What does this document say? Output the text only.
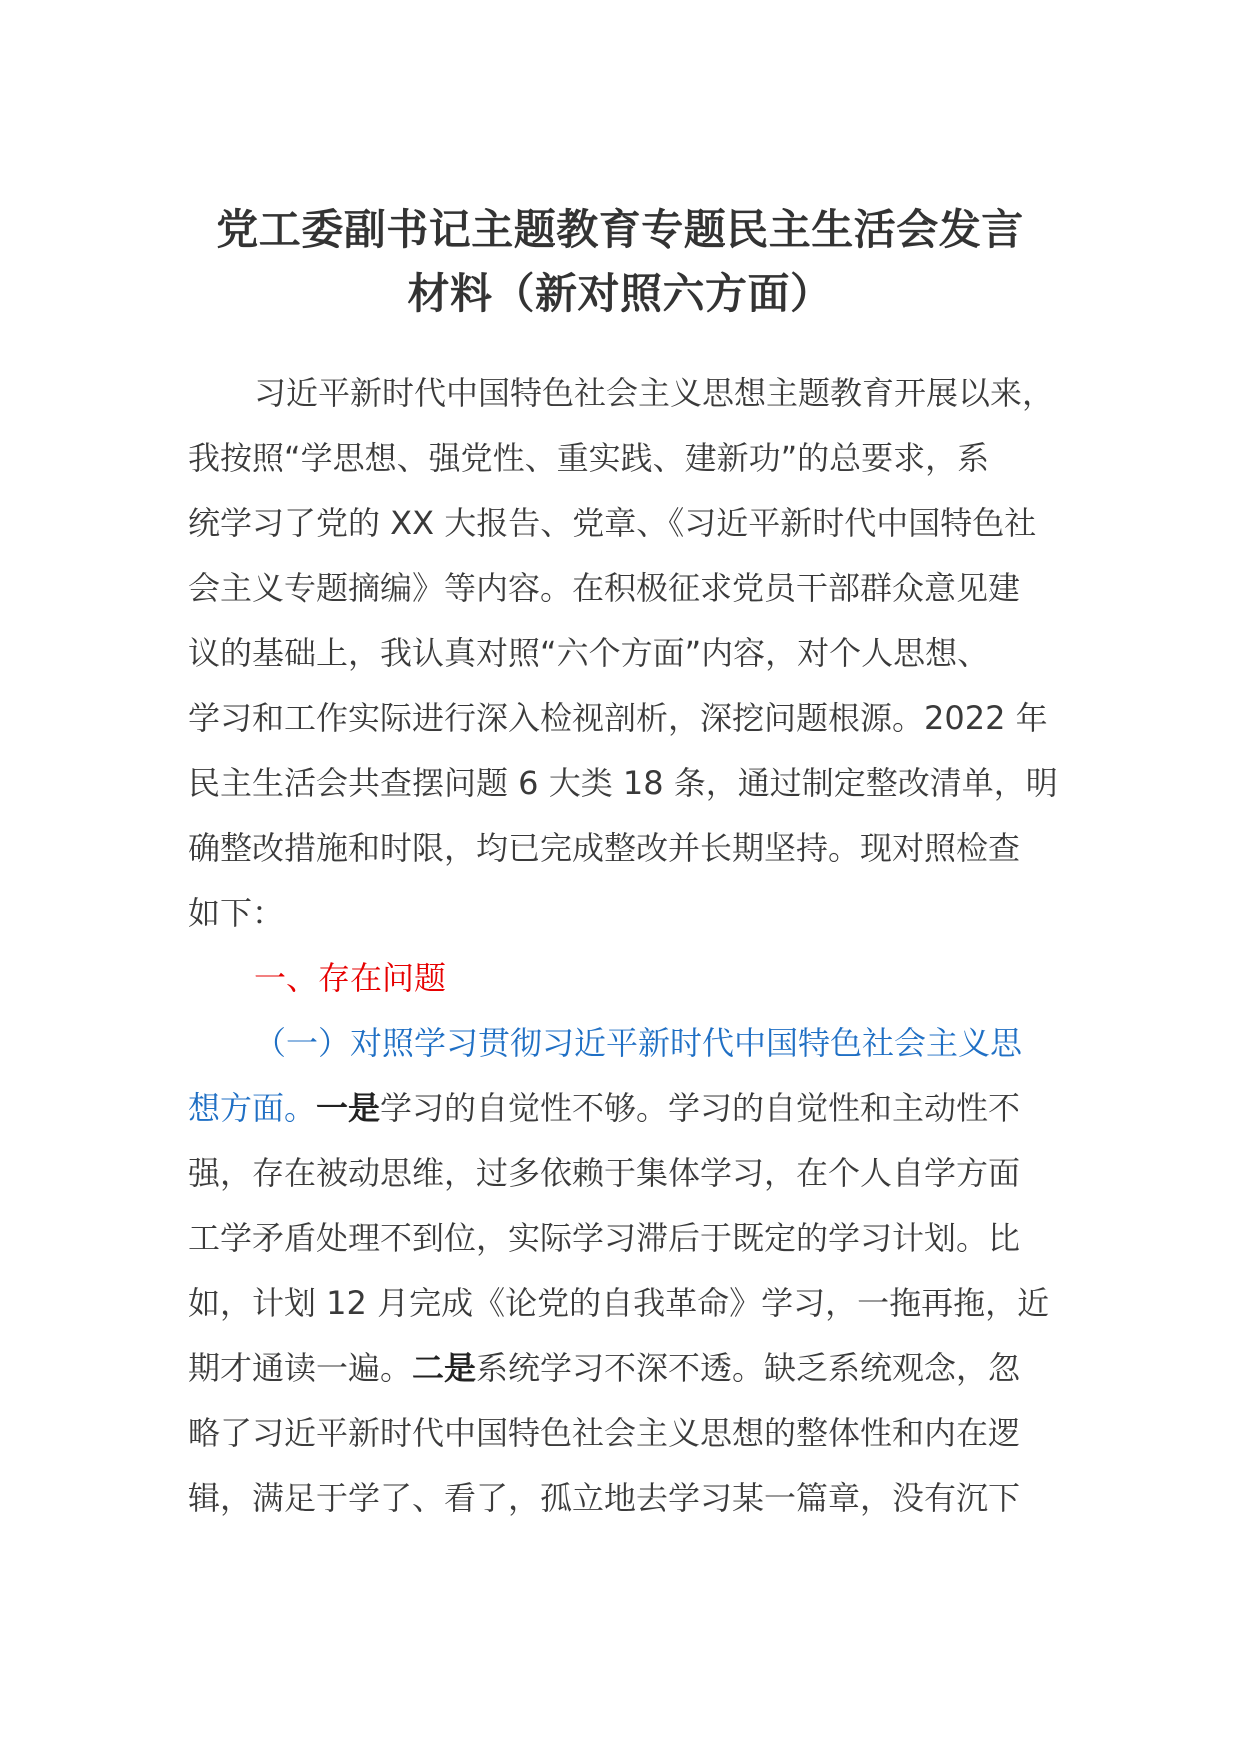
党工委副书记主题教育专题民主生活会发言
材料（新对照六方面）
习近平新时代中国特色社会主义思想主题教育开展以来，
我按照“学思想、强党性、重实践、建新功”的总要求，系
统学习了党的 XX 大报告、党章、《习近平新时代中国特色社
会主义专题摘编》等内容。在积极征求党员干部群众意见建
议的基础上，我认真对照“六个方面”内容，对个人思想、
学习和工作实际进行深入检视剖析，深挖问题根源。2022 年
民主生活会共查摆问题 6 大类 18 条，通过制定整改清单，明
确整改措施和时限，均已完成整改并长期坚持。现对照检查
如下：
一、存在问题
（一）对照学习贯彻习近平新时代中国特色社会主义思
想方面。一是学习的自觉性不够。学习的自觉性和主动性不
强，存在被动思维，过多依赖于集体学习，在个人自学方面
工学矛盾处理不到位，实际学习滞后于既定的学习计划。比
如，计划 12 月完成《论党的自我革命》学习，一拖再拖，近
期才通读一遍。二是系统学习不深不透。缺乏系统观念，忽
略了习近平新时代中国特色社会主义思想的整体性和内在逻
辑，满足于学了、看了，孤立地去学习某一篇章，没有沉下
